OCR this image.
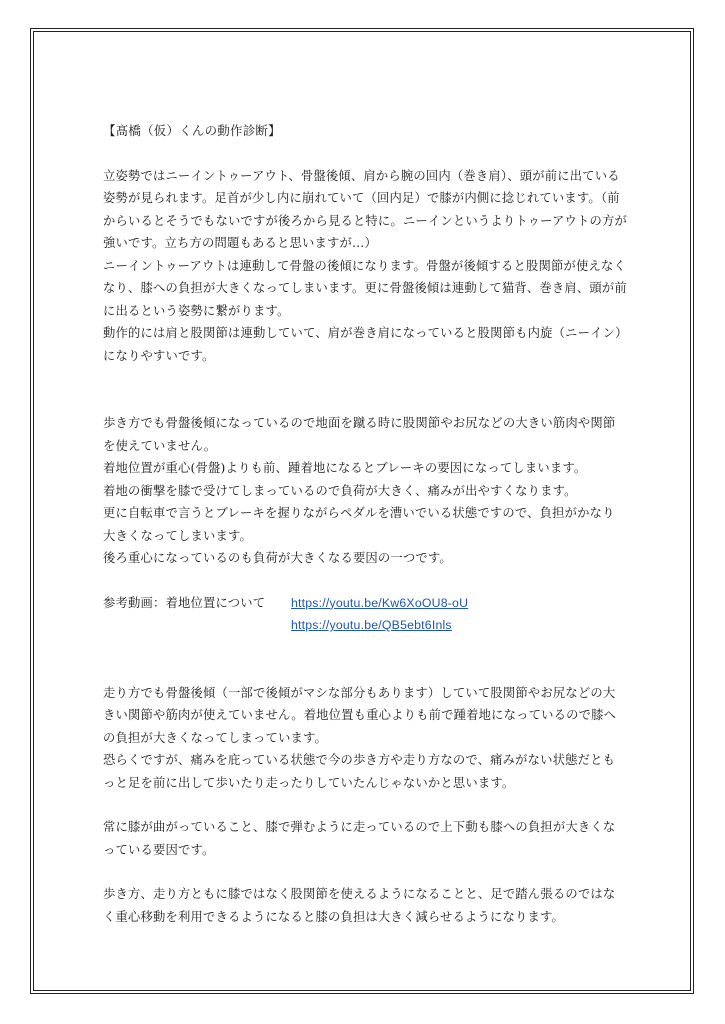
【髙橋（仮）くんの動作診断】

立姿勢ではニーイントゥーアウト、骨盤後傾、肩から腕の回内（巻き肩）、頭が前に出ている姿勢が見られます。足首が少し内に崩れていて（回内足）で膝が内側に捻じれています。（前からいるとそうでもないですが後ろから見ると特に。ニーインというよりトゥーアウトの方が強いです。立ち方の問題もあると思いますが…）

ニーイントゥーアウトは連動して骨盤の後傾になります。骨盤が後傾すると股関節が使えなくなり、膝への負担が大きくなってしまいます。更に骨盤後傾は連動して猫背、巻き肩、頭が前に出るという姿勢に繋がります。

動作的には肩と股関節は連動していて、肩が巻き肩になっていると股関節も内旋（ニーイン）になりやすいです。

歩き方でも骨盤後傾になっているので地面を蹴る時に股関節やお尻などの大きい筋肉や関節を使えていません。

着地位置が重心(骨盤)よりも前、踵着地になるとブレーキの要因になってしまいます。

着地の衝撃を膝で受けてしまっているので負荷が大きく、痛みが出やすくなります。

更に自転車で言うとブレーキを握りながらペダルを漕いでいる状態ですので、負担がかなり大きくなってしまいます。

後ろ重心になっているのも負荷が大きくなる要因の一つです。

参考動画：着地位置について	https://youtu.be/Kw6XoOU8-oU
https://youtu.be/QB5ebt6Inls

走り方でも骨盤後傾（一部で後傾がマシな部分もあります）していて股関節やお尻などの大きい関節や筋肉が使えていません。着地位置も重心よりも前で踵着地になっているので膝への負担が大きくなってしまっています。

恐らくですが、痛みを庇っている状態で今の歩き方や走り方なので、痛みがない状態だともっと足を前に出して歩いたり走ったりしていたんじゃないかと思います。

常に膝が曲がっていること、膝で弾むように走っているので上下動も膝への負担が大きくなっている要因です。

歩き方、走り方ともに膝ではなく股関節を使えるようになることと、足で踏ん張るのではなく重心移動を利用できるようになると膝の負担は大きく減らせるようになります。
